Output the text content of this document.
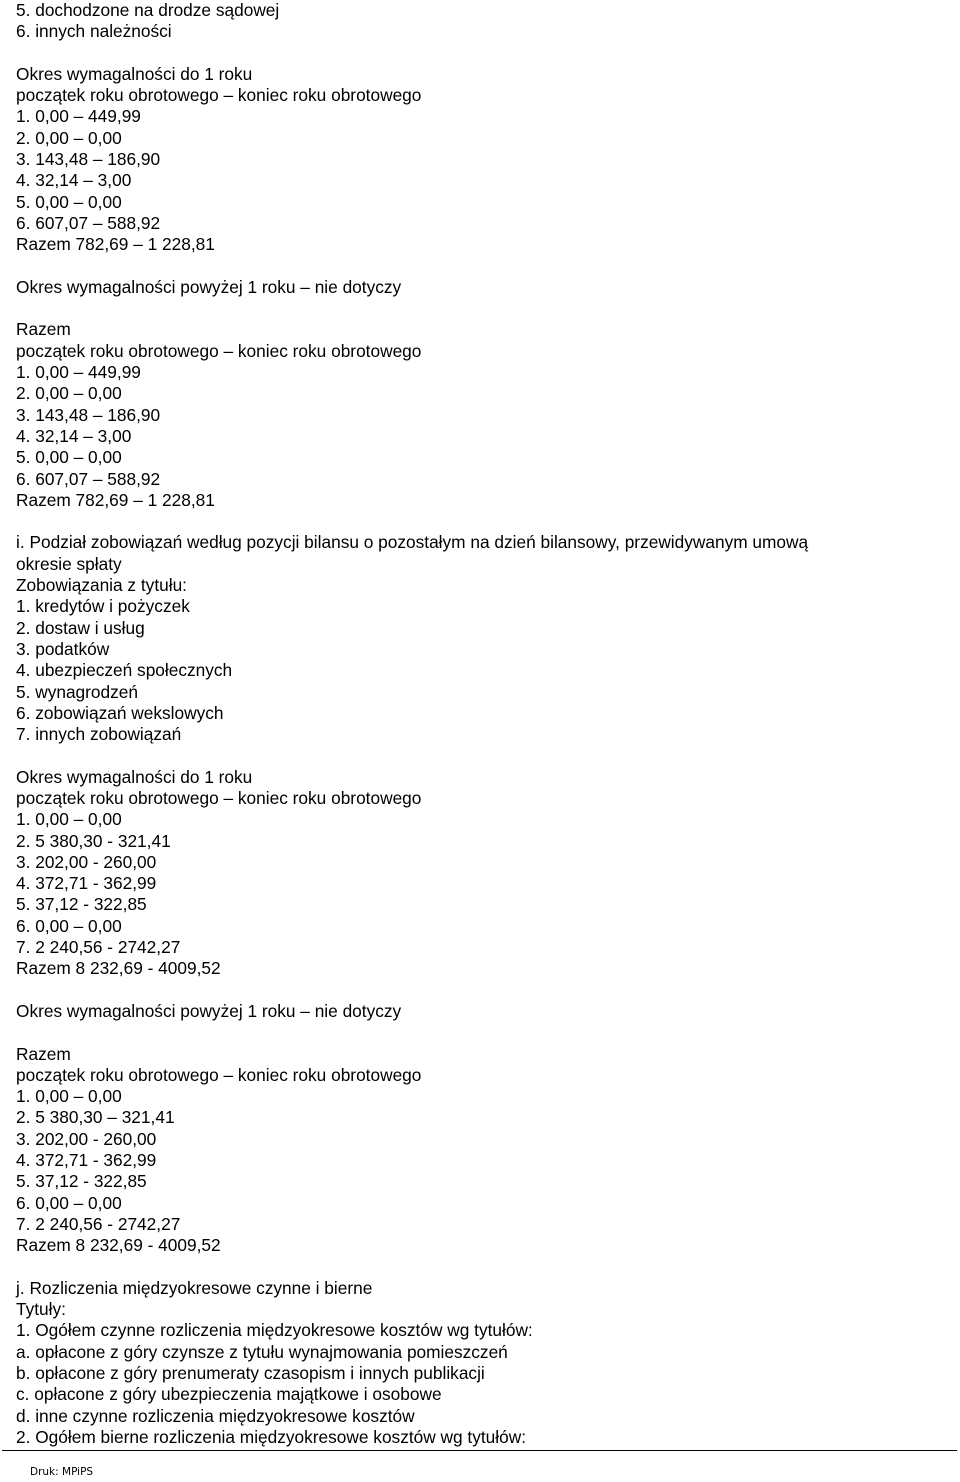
5. dochodzone na drodze sądowej
6. innych należności
Okres wymagalności do 1 roku
początek roku obrotowego – koniec roku obrotowego
1. 0,00 – 449,99
2. 0,00 – 0,00
3. 143,48 – 186,90
4. 32,14 – 3,00
5. 0,00 – 0,00
6. 607,07 – 588,92
Razem 782,69 – 1 228,81
Okres wymagalności powyżej 1 roku – nie dotyczy
Razem
początek roku obrotowego – koniec roku obrotowego
1. 0,00 – 449,99
2. 0,00 – 0,00
3. 143,48 – 186,90
4. 32,14 – 3,00
5. 0,00 – 0,00
6. 607,07 – 588,92
Razem 782,69 – 1 228,81
i. Podział zobowiązań według pozycji bilansu o pozostałym na dzień bilansowy, przewidywanym umową
okresie spłaty
Zobowiązania z tytułu:
1. kredytów i pożyczek
2. dostaw i usług
3. podatków
4. ubezpieczeń społecznych
5. wynagrodzeń
6. zobowiązań wekslowych
7. innych zobowiązań
Okres wymagalności do 1 roku
początek roku obrotowego – koniec roku obrotowego
1. 0,00 – 0,00
2. 5 380,30 - 321,41
3. 202,00 - 260,00
4. 372,71 - 362,99
5. 37,12 - 322,85
6. 0,00 – 0,00
7. 2 240,56 - 2742,27
Razem 8 232,69 - 4009,52
Okres wymagalności powyżej 1 roku – nie dotyczy
Razem
początek roku obrotowego – koniec roku obrotowego
1. 0,00 – 0,00
2. 5 380,30 – 321,41
3. 202,00 - 260,00
4. 372,71 - 362,99
5. 37,12 - 322,85
6. 0,00 – 0,00
7. 2 240,56 - 2742,27
Razem 8 232,69 - 4009,52
j. Rozliczenia międzyokresowe czynne i bierne
Tytuły:
1. Ogółem czynne rozliczenia międzyokresowe kosztów wg tytułów:
a. opłacone z góry czynsze z tytułu wynajmowania pomieszczeń
b. opłacone z góry prenumeraty czasopism i innych publikacji
c. opłacone z góry ubezpieczenia majątkowe i osobowe
d. inne czynne rozliczenia międzyokresowe kosztów
2. Ogółem bierne rozliczenia międzyokresowe kosztów wg tytułów:
Druk: MPiPS
